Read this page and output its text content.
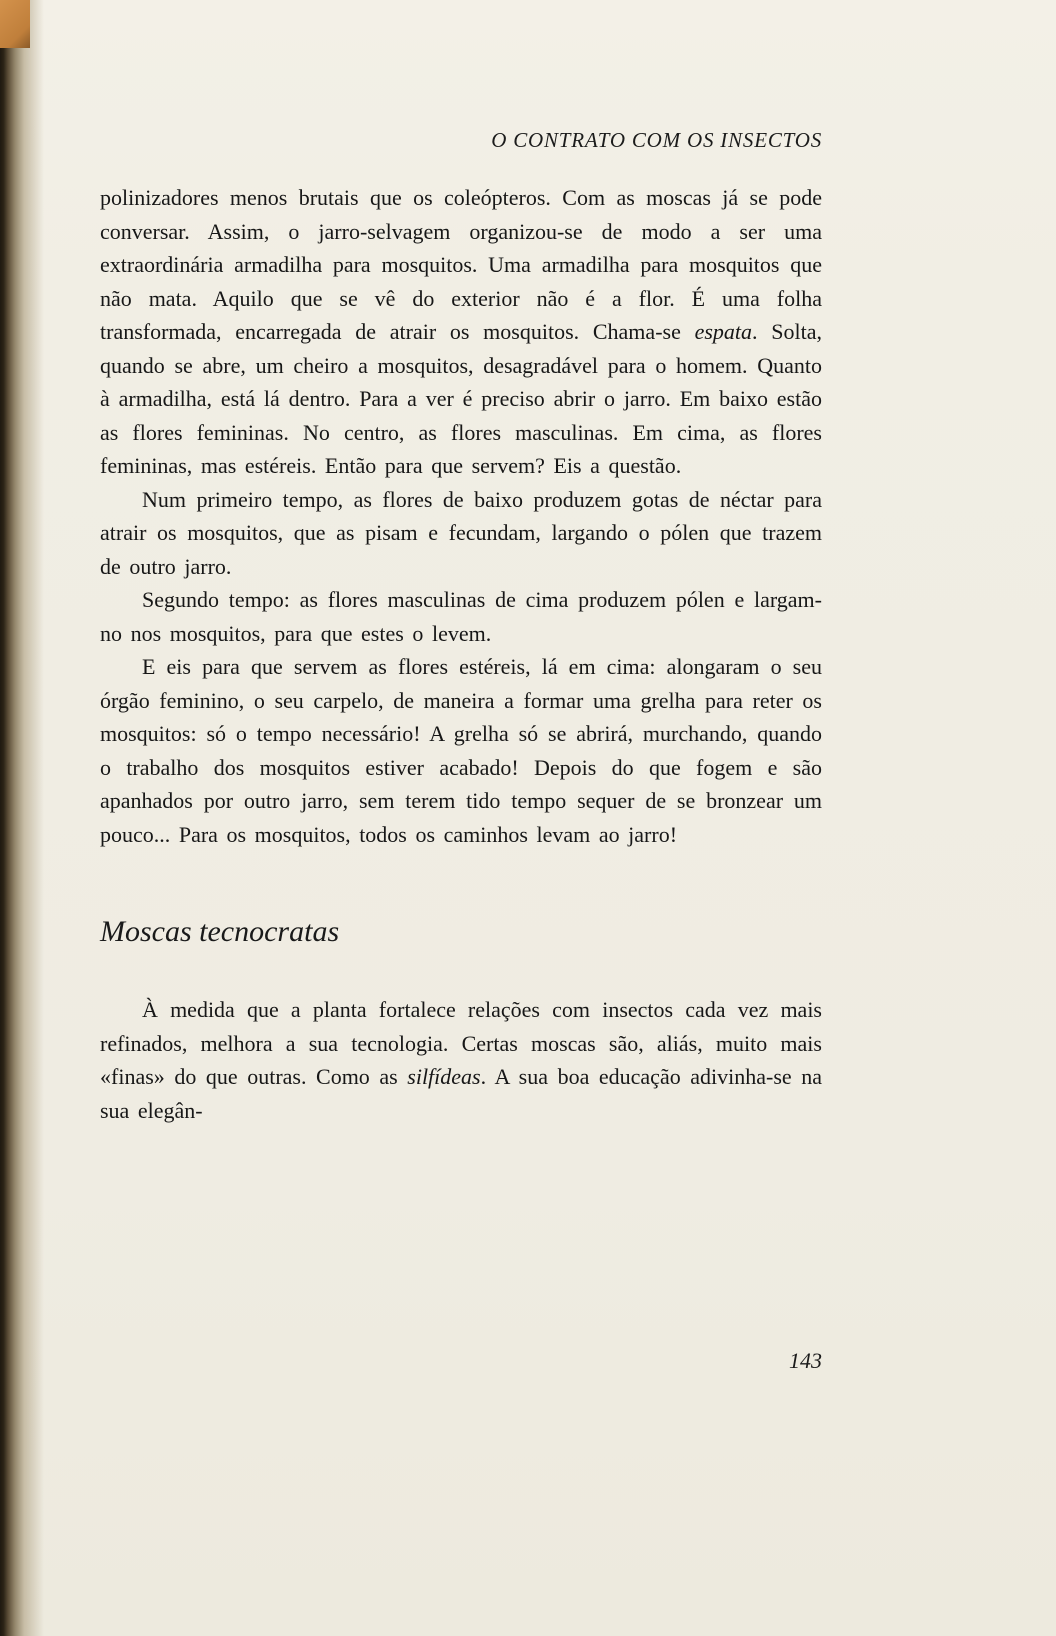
O CONTRATO COM OS INSECTOS

polinizadores menos brutais que os coleópteros. Com as moscas já se pode conversar. Assim, o jarro-selvagem organizou-se de modo a ser uma extraordinária armadilha para mosquitos. Uma armadilha para mosquitos que não mata. Aquilo que se vê do exterior não é a flor. É uma folha transformada, encarregada de atrair os mosquitos. Chama-se espata. Solta, quando se abre, um cheiro a mosquitos, desagradável para o homem. Quanto à armadilha, está lá dentro. Para a ver é preciso abrir o jarro. Em baixo estão as flores femininas. No centro, as flores masculinas. Em cima, as flores femininas, mas estéreis. Então para que servem? Eis a questão.

Num primeiro tempo, as flores de baixo produzem gotas de néctar para atrair os mosquitos, que as pisam e fecundam, largando o pólen que trazem de outro jarro.

Segundo tempo: as flores masculinas de cima produzem pólen e largam-no nos mosquitos, para que estes o levem.

E eis para que servem as flores estéreis, lá em cima: alongaram o seu órgão feminino, o seu carpelo, de maneira a formar uma grelha para reter os mosquitos: só o tempo necessário! A grelha só se abrirá, murchando, quando o trabalho dos mosquitos estiver acabado! Depois do que fogem e são apanhados por outro jarro, sem terem tido tempo sequer de se bronzear um pouco... Para os mosquitos, todos os caminhos levam ao jarro!

Moscas tecnocratas

À medida que a planta fortalece relações com insectos cada vez mais refinados, melhora a sua tecnologia. Certas moscas são, aliás, muito mais «finas» do que outras. Como as silfídeas. A sua boa educação adivinha-se na sua elegân-

143
